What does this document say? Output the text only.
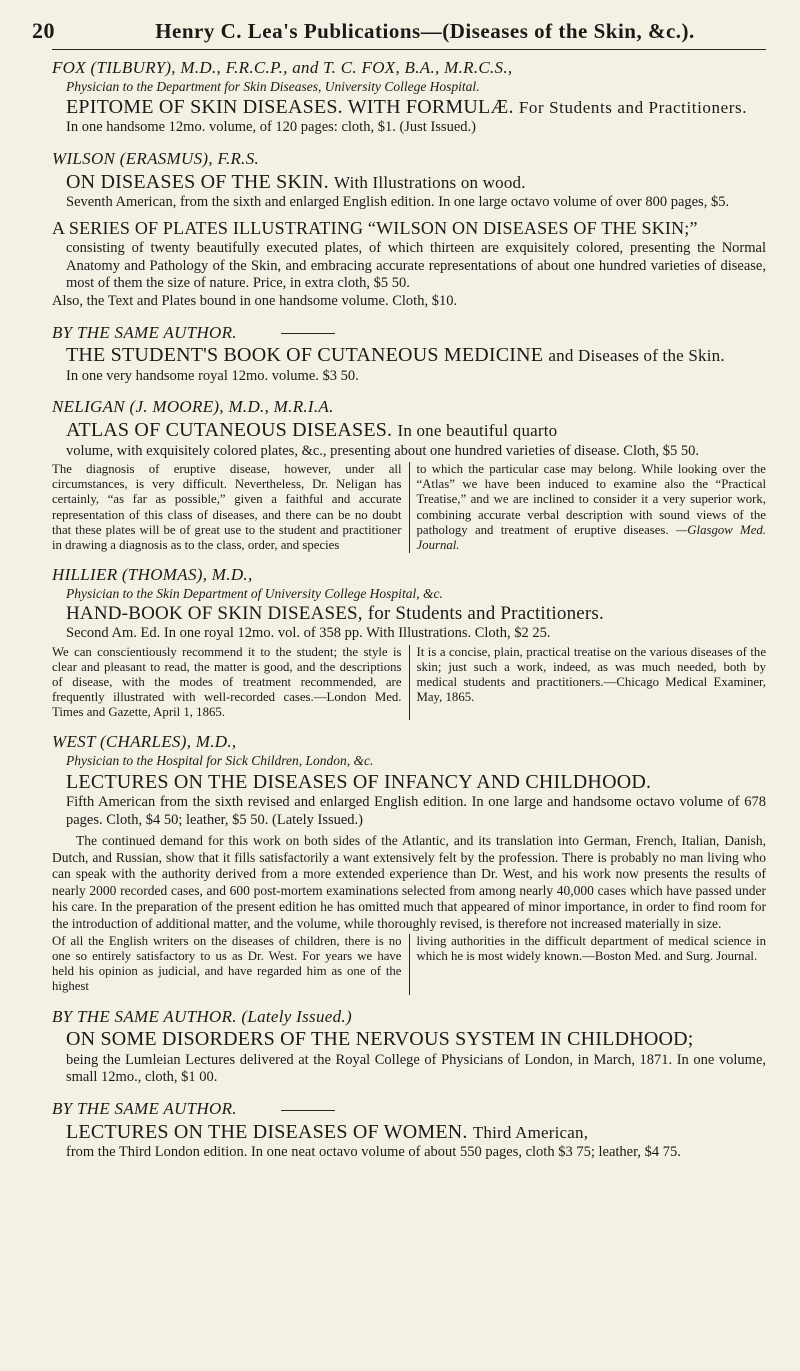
20	Henry C. Lea's Publications—(Diseases of the Skin, &c.).
FOX (TILBURY), M.D., F.R.C.P., and T. C. FOX, B.A., M.R.C.S.,
Physician to the Department for Skin Diseases, University College Hospital.
EPITOME OF SKIN DISEASES. WITH FORMULÆ. For Students and Practitioners.
In one handsome 12mo. volume, of 120 pages: cloth, $1. (Just Issued.)
WILSON (ERASMUS), F.R.S.
ON DISEASES OF THE SKIN. With Illustrations on wood.
Seventh American, from the sixth and enlarged English edition. In one large octavo volume of over 800 pages, $5.
A SERIES OF PLATES ILLUSTRATING “WILSON ON DISEASES OF THE SKIN;”
consisting of twenty beautifully executed plates, of which thirteen are exquisitely colored, presenting the Normal Anatomy and Pathology of the Skin, and embracing accurate representations of about one hundred varieties of disease, most of them the size of nature. Price, in extra cloth, $5 50.
Also, the Text and Plates bound in one handsome volume. Cloth, $10.
BY THE SAME AUTHOR.
THE STUDENT'S BOOK OF CUTANEOUS MEDICINE and Diseases of the Skin.
In one very handsome royal 12mo. volume. $3 50.
NELIGAN (J. MOORE), M.D., M.R.I.A.
ATLAS OF CUTANEOUS DISEASES. In one beautiful quarto
volume, with exquisitely colored plates, &c., presenting about one hundred varieties of disease. Cloth, $5 50.
The diagnosis of eruptive disease, however, under all circumstances, is very difficult. Nevertheless, Dr. Neligan has certainly, “as far as possible,” given a faithful and accurate representation of this class of diseases, and there can be no doubt that these plates will be of great use to the student and practitioner in drawing a diagnosis as to the class, order, and species
to which the particular case may belong. While looking over the “Atlas” we have been induced to examine also the “Practical Treatise,” and we are inclined to consider it a very superior work, combining accurate verbal description with sound views of the pathology and treatment of eruptive diseases. —Glasgow Med. Journal.
HILLIER (THOMAS), M.D.,
Physician to the Skin Department of University College Hospital, &c.
HAND-BOOK OF SKIN DISEASES, for Students and Practitioners.
Second Am. Ed. In one royal 12mo. vol. of 358 pp. With Illustrations. Cloth, $2 25.
We can conscientiously recommend it to the student; the style is clear and pleasant to read, the matter is good, and the descriptions of disease, with the modes of treatment recommended, are frequently illustrated with well-recorded cases.—London Med. Times and Gazette, April 1, 1865.
It is a concise, plain, practical treatise on the various diseases of the skin; just such a work, indeed, as was much needed, both by medical students and practitioners.—Chicago Medical Examiner, May, 1865.
WEST (CHARLES), M.D.,
Physician to the Hospital for Sick Children, London, &c.
LECTURES ON THE DISEASES OF INFANCY AND CHILDHOOD.
Fifth American from the sixth revised and enlarged English edition. In one large and handsome octavo volume of 678 pages. Cloth, $4 50; leather, $5 50. (Lately Issued.)
The continued demand for this work on both sides of the Atlantic, and its translation into German, French, Italian, Danish, Dutch, and Russian, show that it fills satisfactorily a want extensively felt by the profession. There is probably no man living who can speak with the authority derived from a more extended experience than Dr. West, and his work now presents the results of nearly 2000 recorded cases, and 600 post-mortem examinations selected from among nearly 40,000 cases which have passed under his care. In the preparation of the present edition he has omitted much that appeared of minor importance, in order to find room for the introduction of additional matter, and the volume, while thoroughly revised, is therefore not increased materially in size.
Of all the English writers on the diseases of children, there is no one so entirely satisfactory to us as Dr. West. For years we have held his opinion as judicial, and have regarded him as one of the highest
living authorities in the difficult department of medical science in which he is most widely known.—Boston Med. and Surg. Journal.
BY THE SAME AUTHOR. (Lately Issued.)
ON SOME DISORDERS OF THE NERVOUS SYSTEM IN CHILDHOOD;
being the Lumleian Lectures delivered at the Royal College of Physicians of London, in March, 1871. In one volume, small 12mo., cloth, $1 00.
BY THE SAME AUTHOR.
LECTURES ON THE DISEASES OF WOMEN. Third American,
from the Third London edition. In one neat octavo volume of about 550 pages, cloth $3 75; leather, $4 75.
